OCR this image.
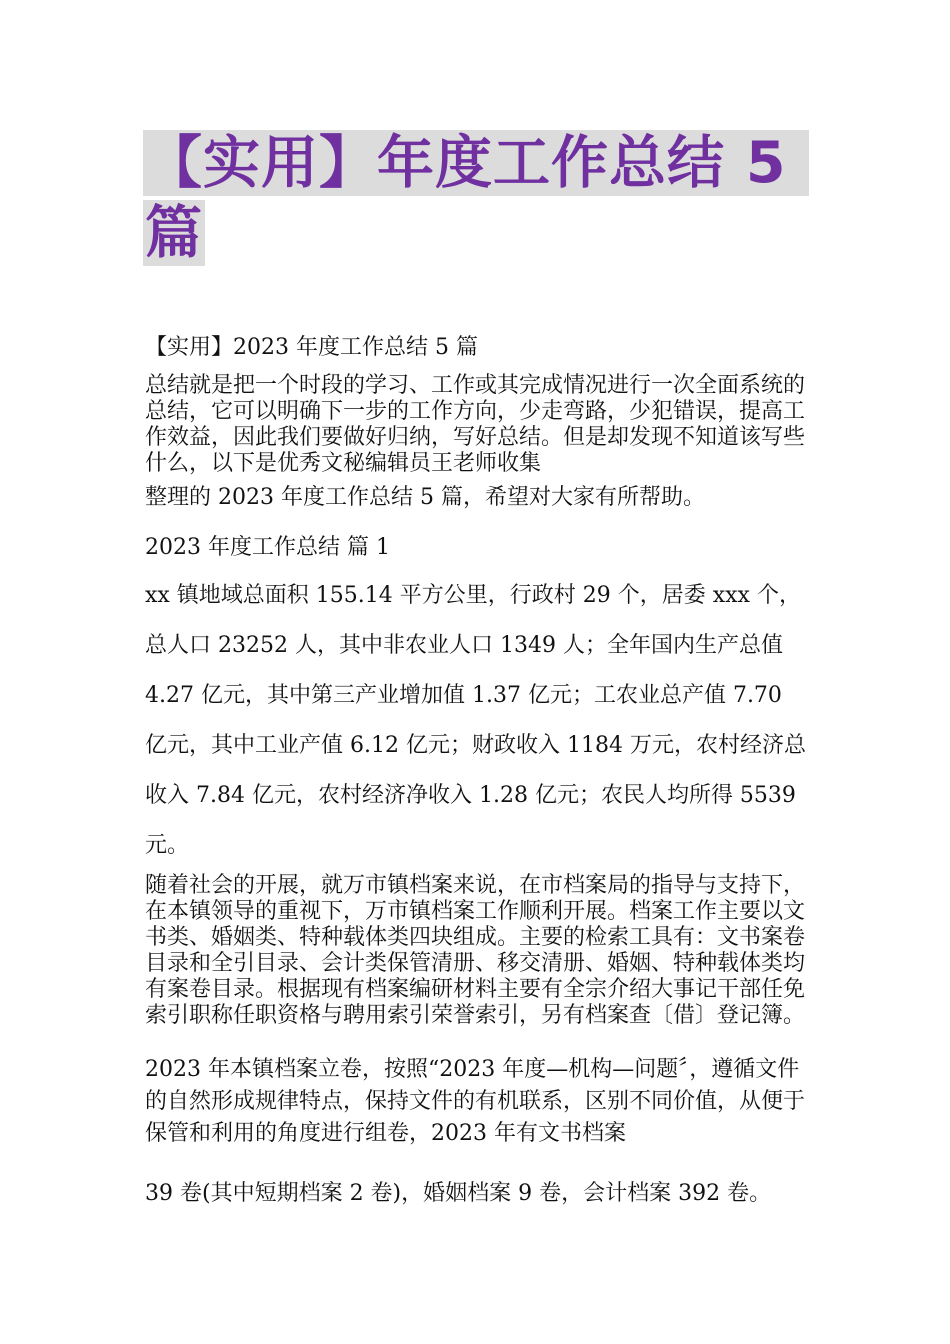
【实用】年度工作总结 5
篇
【实用】2023 年度工作总结 5 篇

总结就是把一个时段的学习、工作或其完成情况进行一次全面系统的总结，它可以明确下一步的工作方向，少走弯路，少犯错误，提高工作效益，因此我们要做好归纳，写好总结。但是却发现不知道该写些什么，以下是优秀文秘编辑员王老师收集

整理的 2023 年度工作总结 5 篇，希望对大家有所帮助。

2023 年度工作总结 篇 1

xx 镇地域总面积 155.14 平方公里，行政村 29 个，居委 xxx 个，总人口 23252 人，其中非农业人口 1349 人；全年国内生产总值 4.27 亿元，其中第三产业增加值 1.37 亿元；工农业总产值 7.70 亿元，其中工业产值 6.12 亿元；财政收入 1184 万元，农村经济总收入 7.84 亿元，农村经济净收入 1.28 亿元；农民人均所得 5539 元。

随着社会的开展，就万市镇档案来说，在市档案局的指导与支持下，在本镇领导的重视下，万市镇档案工作顺利开展。档案工作主要以文书类、婚姻类、特种载体类四块组成。主要的检索工具有：文书案卷目录和全引目录、会计类保管清册、移交清册、婚姻、特种载体类均有案卷目录。根据现有档案编研材料主要有全宗介绍大事记干部任免索引职称任职资格与聘用索引荣誉索引，另有档案查〔借〕登记簿。

2023 年本镇档案立卷，按照“2023 年度—机构—问题〞，遵循文件的自然形成规律特点，保持文件的有机联系，区别不同价值，从便于保管和利用的角度进行组卷，2023 年有文书档案

39 卷(其中短期档案 2 卷)，婚姻档案 9 卷，会计档案 392 卷。
